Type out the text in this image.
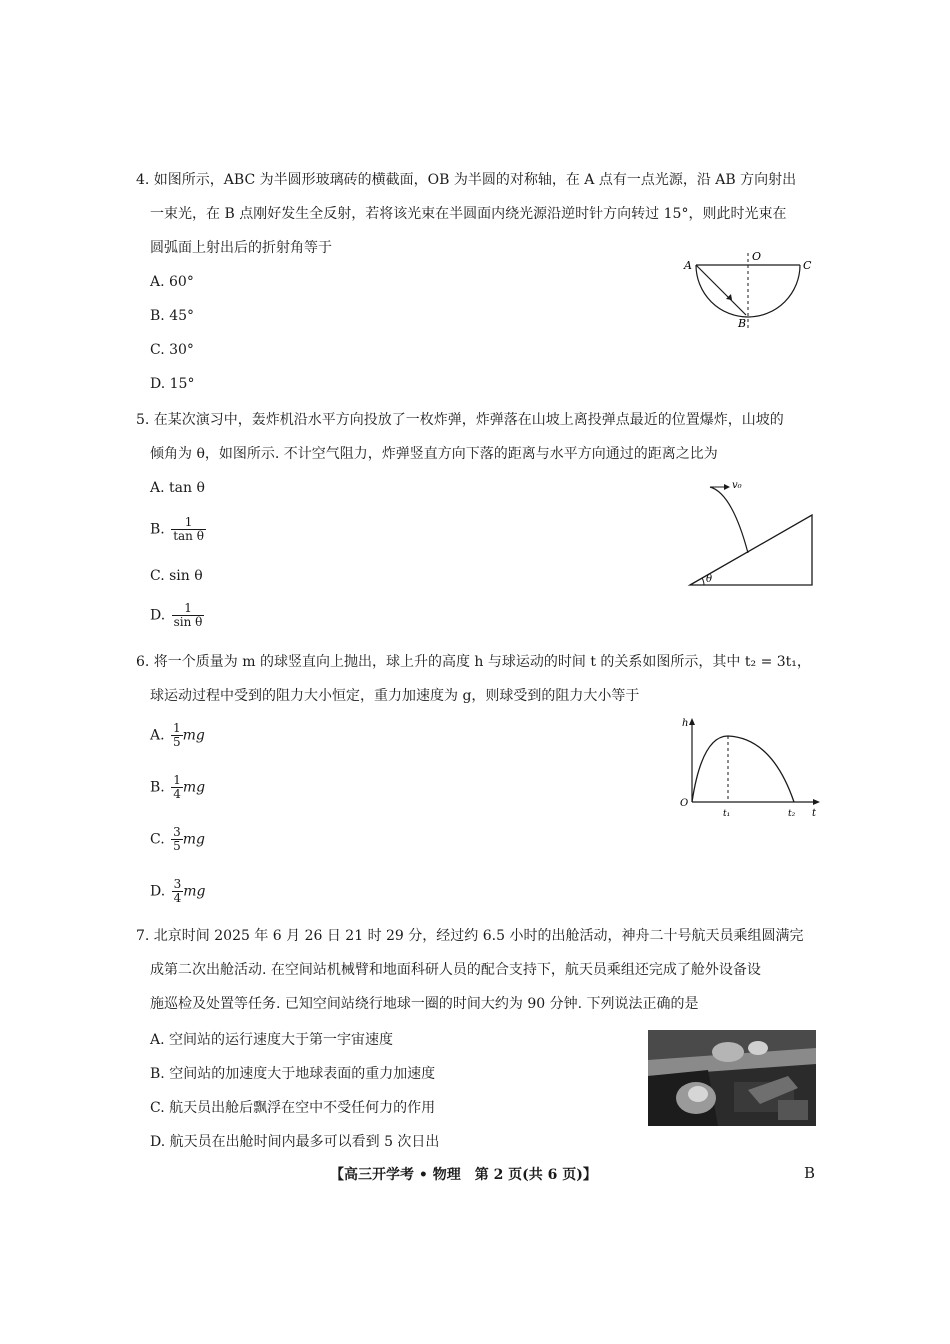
4. 如图所示，ABC 为半圆形玻璃砖的横截面，OB 为半圆的对称轴，在 A 点有一点光源，沿 AB 方向射出
一束光，在 B 点刚好发生全反射，若将该光束在半圆面内绕光源沿逆时针方向转过 15°，则此时光束在
圆弧面上射出后的折射角等于
A. 60°
B. 45°
C. 30°
D. 15°
A
O
C
B
5. 在某次演习中，轰炸机沿水平方向投放了一枚炸弹，炸弹落在山坡上离投弹点最近的位置爆炸，山坡的
倾角为 θ，如图所示. 不计空气阻力，炸弹竖直方向下落的距离与水平方向通过的距离之比为
A. tan θ
B. $\frac{1}{\text{tan θ}}$
C. sin θ
D. $\frac{1}{\text{sin θ}}$
v₀
θ
6. 将一个质量为 m 的球竖直向上抛出，球上升的高度 h 与球运动的时间 t 的关系如图所示，其中 t₂ = 3t₁，
球运动过程中受到的阻力大小恒定，重力加速度为 g，则球受到的阻力大小等于
A. $\frac{1}{5}$ mg
B. $\frac{1}{4}$ mg
C. $\frac{3}{5}$ mg
D. $\frac{3}{4}$ mg
h
O
t₁	t₂ t
7. 北京时间 2025 年 6 月 26 日 21 时 29 分，经过约 6.5 小时的出舱活动，神舟二十号航天员乘组圆满完
成第二次出舱活动. 在空间站机械臂和地面科研人员的配合支持下，航天员乘组还完成了舱外设备设
施巡检及处置等任务. 已知空间站绕行地球一圈的时间大约为 90 分钟. 下列说法正确的是
A. 空间站的运行速度大于第一宇宙速度
B. 空间站的加速度大于地球表面的重力加速度
C. 航天员出舱后飘浮在空中不受任何力的作用
D. 航天员在出舱时间内最多可以看到 5 次日出
【高三开学考 • 物理　第 2 页(共 6 页)】	B
